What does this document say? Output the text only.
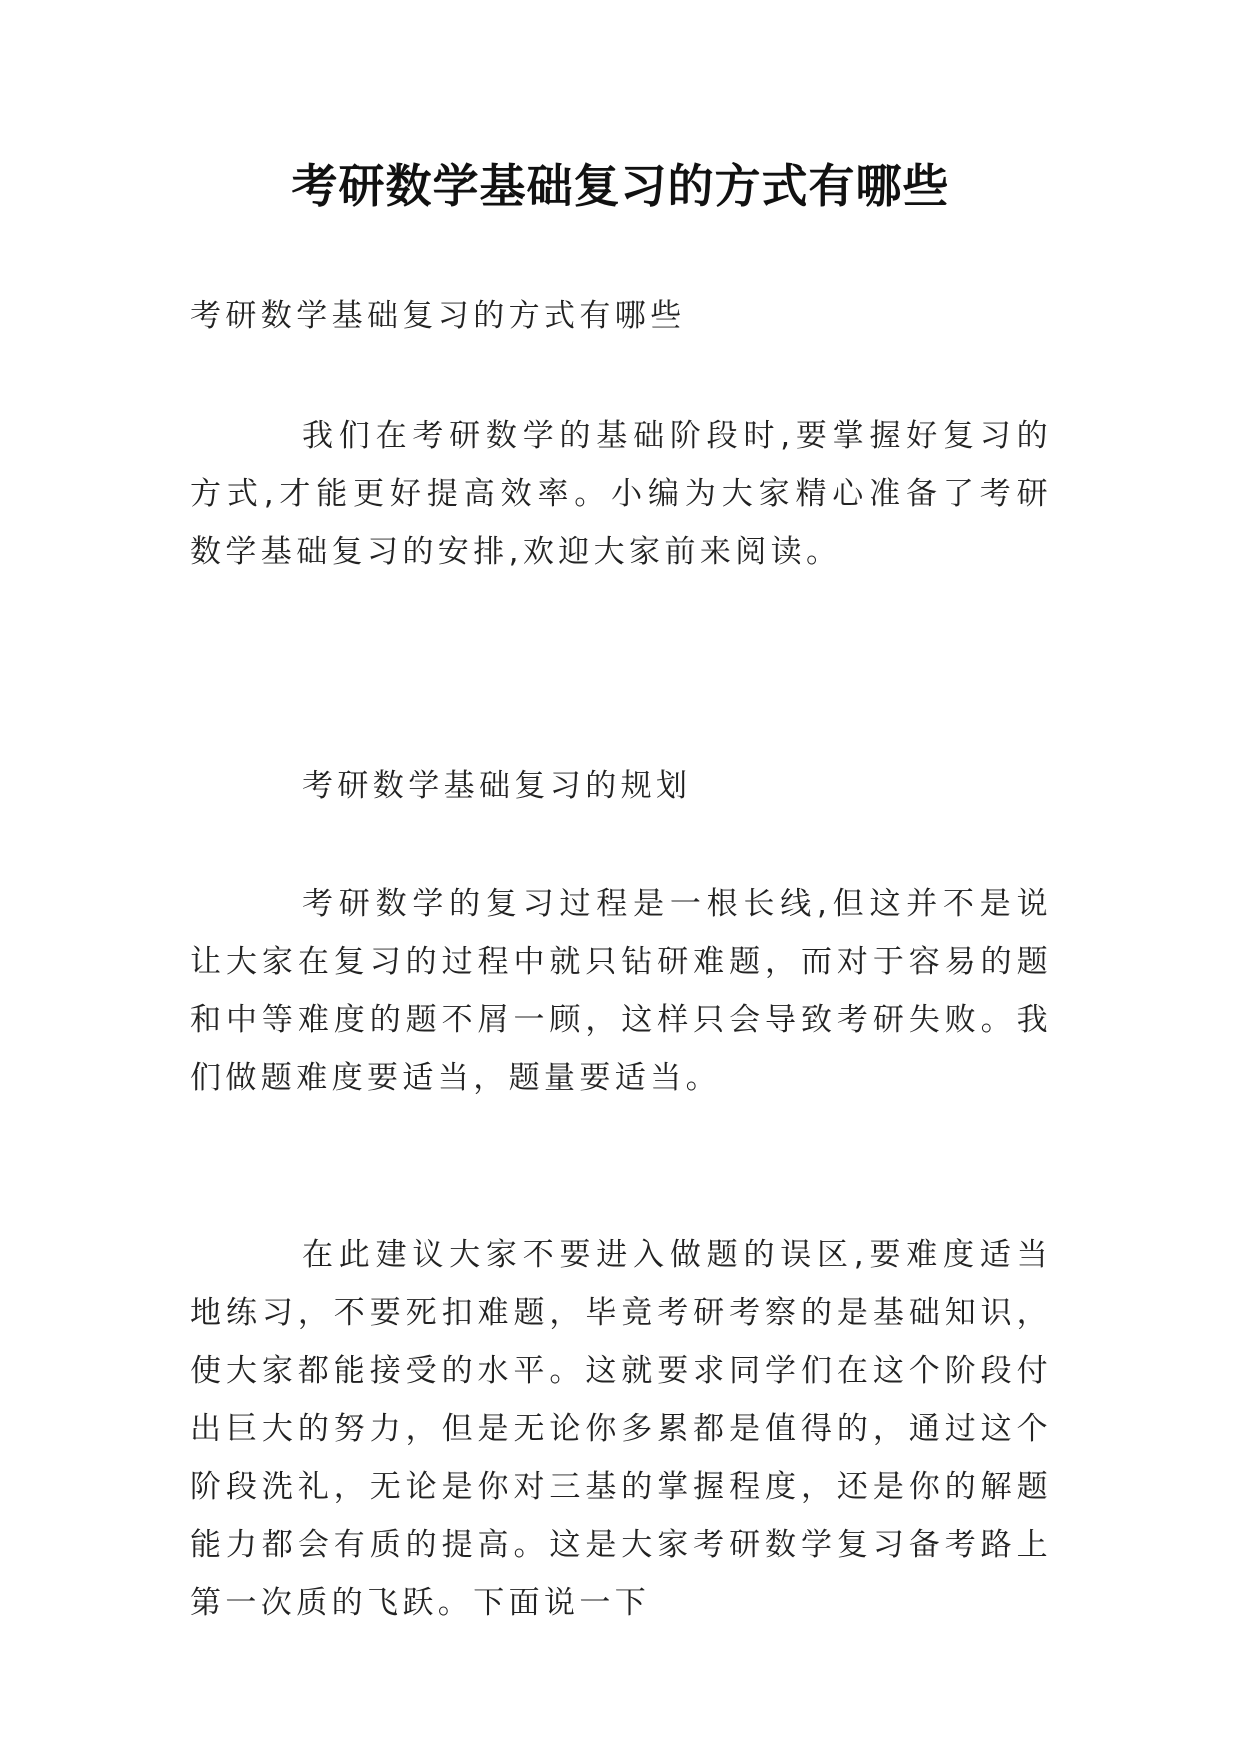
考研数学基础复习的方式有哪些

考研数学基础复习的方式有哪些

我们在考研数学的基础阶段时,要掌握好复习的方式,才能更好提高效率。小编为大家精心准备了考研数学基础复习的安排,欢迎大家前来阅读。

考研数学基础复习的规划

考研数学的复习过程是一根长线,但这并不是说让大家在复习的过程中就只钻研难题，而对于容易的题和中等难度的题不屑一顾，这样只会导致考研失败。我们做题难度要适当，题量要适当。

在此建议大家不要进入做题的误区,要难度适当地练习，不要死扣难题，毕竟考研考察的是基础知识，使大家都能接受的水平。这就要求同学们在这个阶段付出巨大的努力，但是无论你多累都是值得的，通过这个阶段洗礼，无论是你对三基的掌握程度，还是你的解题能力都会有质的提高。这是大家考研数学复习备考路上第一次质的飞跃。下面说一下
